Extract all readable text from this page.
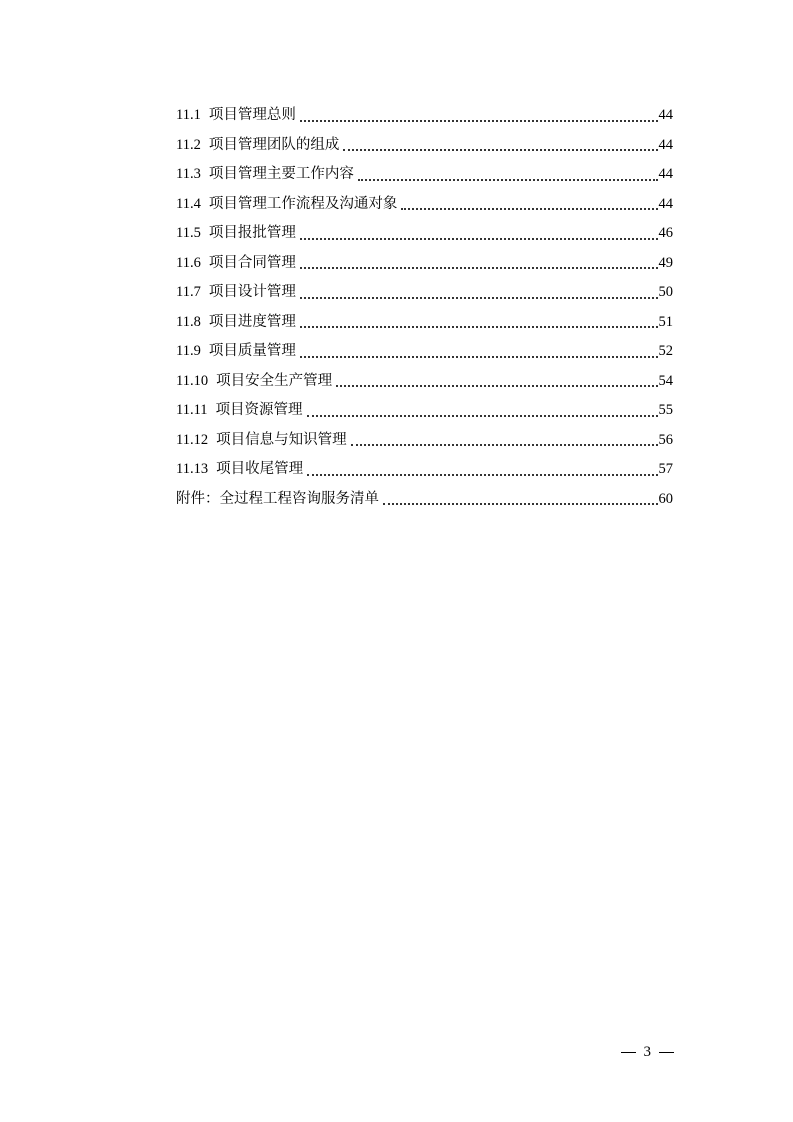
11.1 项目管理总则	44
11.2 项目管理团队的组成	44
11.3 项目管理主要工作内容	44
11.4 项目管理工作流程及沟通对象	44
11.5 项目报批管理	46
11.6 项目合同管理	49
11.7 项目设计管理	50
11.8 项目进度管理	51
11.9 项目质量管理	52
11.10 项目安全生产管理	54
11.11 项目资源管理	55
11.12 项目信息与知识管理	56
11.13 项目收尾管理	57
附件：全过程工程咨询服务清单	60
3
